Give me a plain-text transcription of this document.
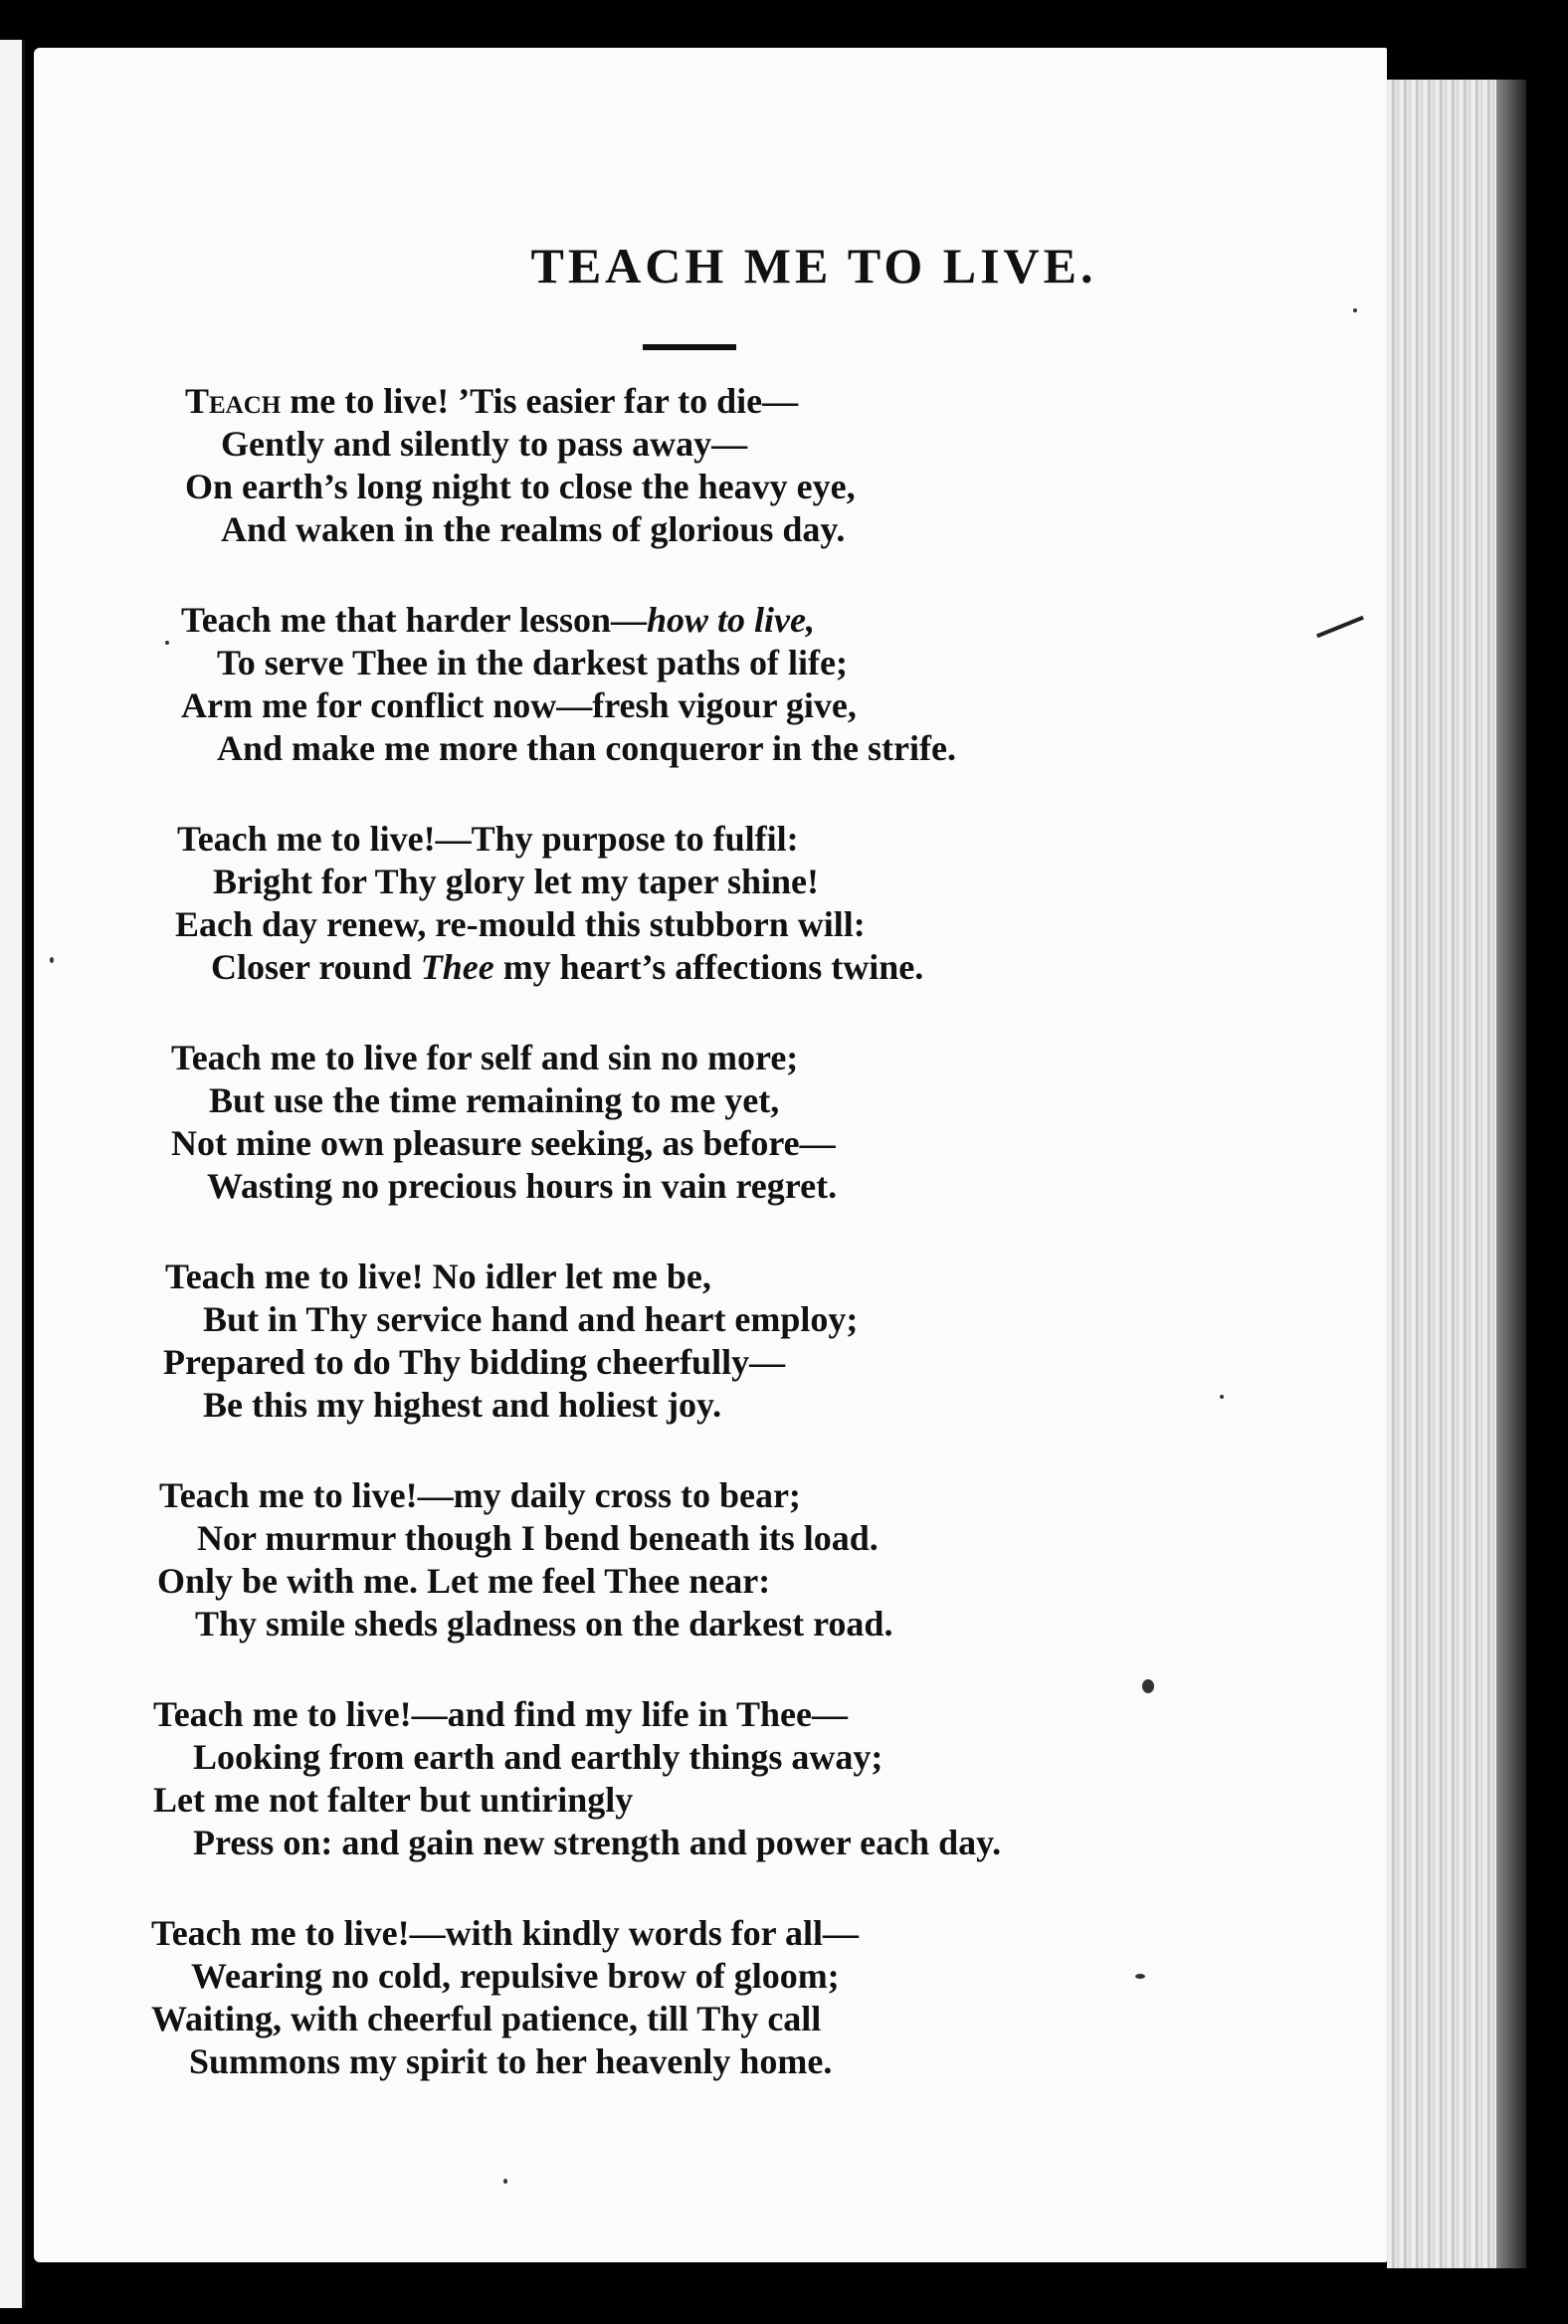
TEACH ME TO LIVE.
Teach me to live! ’Tis easier far to die—
Gently and silently to pass away—
On earth’s long night to close the heavy eye,
And waken in the realms of glorious day.
Teach me that harder lesson—how to live,
To serve Thee in the darkest paths of life;
Arm me for conflict now—fresh vigour give,
And make me more than conqueror in the strife.
Teach me to live!—Thy purpose to fulfil:
Bright for Thy glory let my taper shine!
Each day renew, re-mould this stubborn will:
Closer round Thee my heart’s affections twine.
Teach me to live for self and sin no more;
But use the time remaining to me yet,
Not mine own pleasure seeking, as before—
Wasting no precious hours in vain regret.
Teach me to live! No idler let me be,
But in Thy service hand and heart employ;
Prepared to do Thy bidding cheerfully—
Be this my highest and holiest joy.
Teach me to live!—my daily cross to bear;
Nor murmur though I bend beneath its load.
Only be with me. Let me feel Thee near:
Thy smile sheds gladness on the darkest road.
Teach me to live!—and find my life in Thee—
Looking from earth and earthly things away;
Let me not falter but untiringly
Press on: and gain new strength and power each day.
Teach me to live!—with kindly words for all—
Wearing no cold, repulsive brow of gloom;
Waiting, with cheerful patience, till Thy call
Summons my spirit to her heavenly home.
